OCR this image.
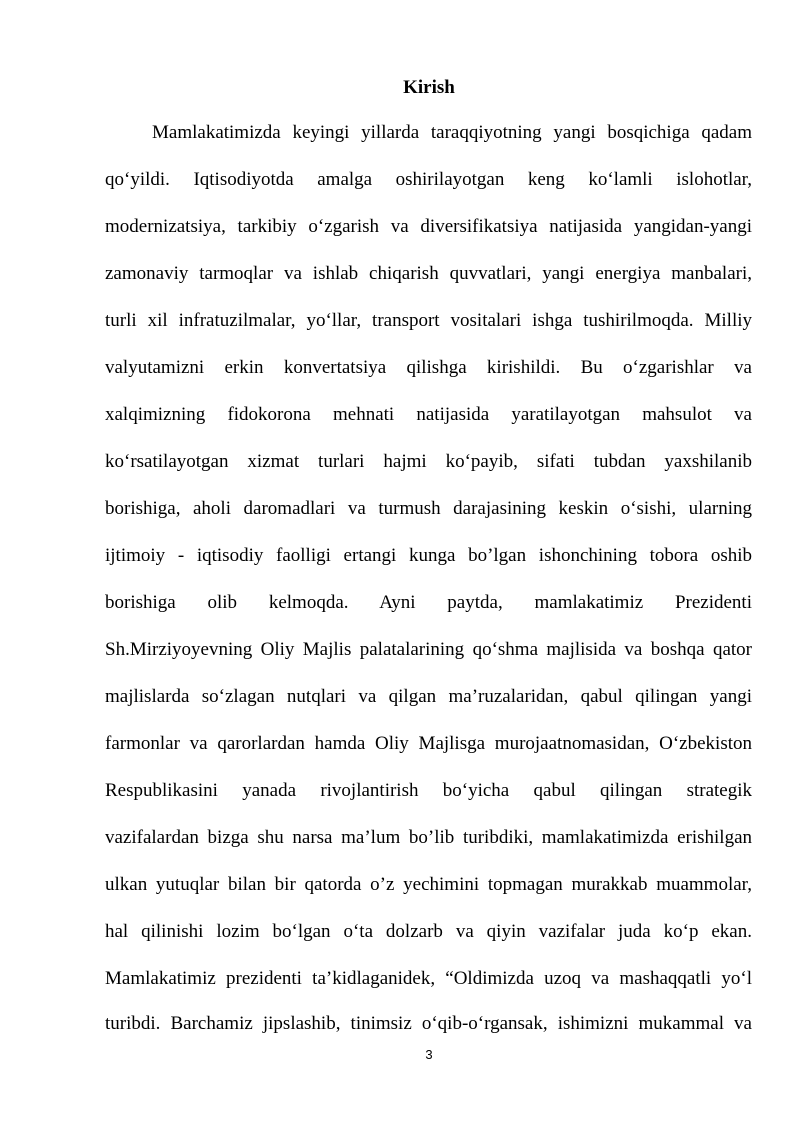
Kirish
Mamlakatimizda keyingi yillarda taraqqiyotning yangi bosqichiga qadam
qo‘yildi. Iqtisodiyotda amalga oshirilayotgan keng ko‘lamli islohotlar,
modernizatsiya, tarkibiy o‘zgarish va diversifikatsiya natijasida yangidan-yangi
zamonaviy tarmoqlar va ishlab chiqarish quvvatlari, yangi energiya manbalari,
turli xil infratuzilmalar, yo‘llar, transport vositalari ishga tushirilmoqda. Milliy
valyutamizni erkin konvertatsiya qilishga kirishildi. Bu o‘zgarishlar va
xalqimizning fidokorona mehnati natijasida yaratilayotgan mahsulot va
ko‘rsatilayotgan xizmat turlari hajmi ko‘payib, sifati tubdan yaxshilanib
borishiga, aholi daromadlari va turmush darajasining keskin o‘sishi, ularning
ijtimoiy - iqtisodiy faolligi ertangi kunga bo’lgan ishonchining tobora oshib
borishiga olib kelmoqda. Ayni paytda, mamlakatimiz Prezidenti
Sh.Mirziyoyevning Oliy Majlis palatalarining qo‘shma majlisida va boshqa qator
majlislarda so‘zlagan nutqlari va qilgan ma’ruzalaridan, qabul qilingan yangi
farmonlar va qarorlardan hamda Oliy Majlisga murojaatnomasidan, O‘zbekiston
Respublikasini yanada rivojlantirish bo‘yicha qabul qilingan strategik
vazifalardan bizga shu narsa ma’lum bo’lib turibdiki, mamlakatimizda erishilgan
ulkan yutuqlar bilan bir qatorda o’z yechimini topmagan murakkab muammolar,
hal qilinishi lozim bo‘lgan o‘ta dolzarb va qiyin vazifalar juda ko‘p ekan.
Mamlakatimiz prezidenti ta’kidlaganidek, “Oldimizda uzoq va mashaqqatli yo‘l
turibdi. Barchamiz jipslashib, tinimsiz o‘qib-o‘rgansak, ishimizni mukammal va
3
